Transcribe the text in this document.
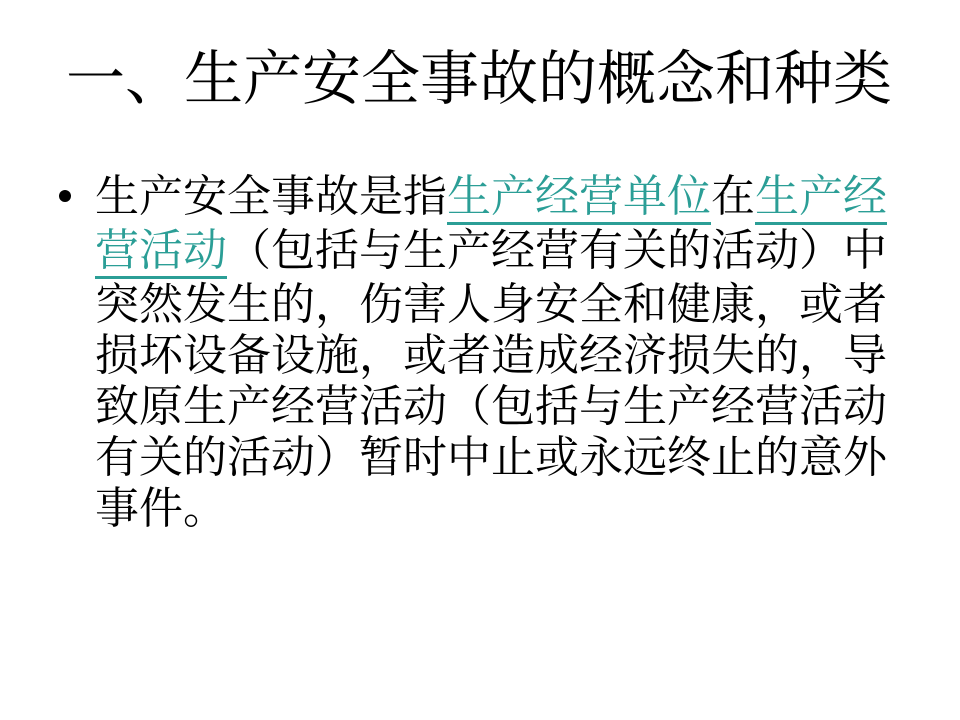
一、生产安全事故的概念和种类
生产安全事故是指生产经营单位在生产经
营活动（包括与生产经营有关的活动）中
突然发生的，伤害人身安全和健康，或者
损坏设备设施，或者造成经济损失的，导
致原生产经营活动（包括与生产经营活动
有关的活动）暂时中止或永远终止的意外
事件。
